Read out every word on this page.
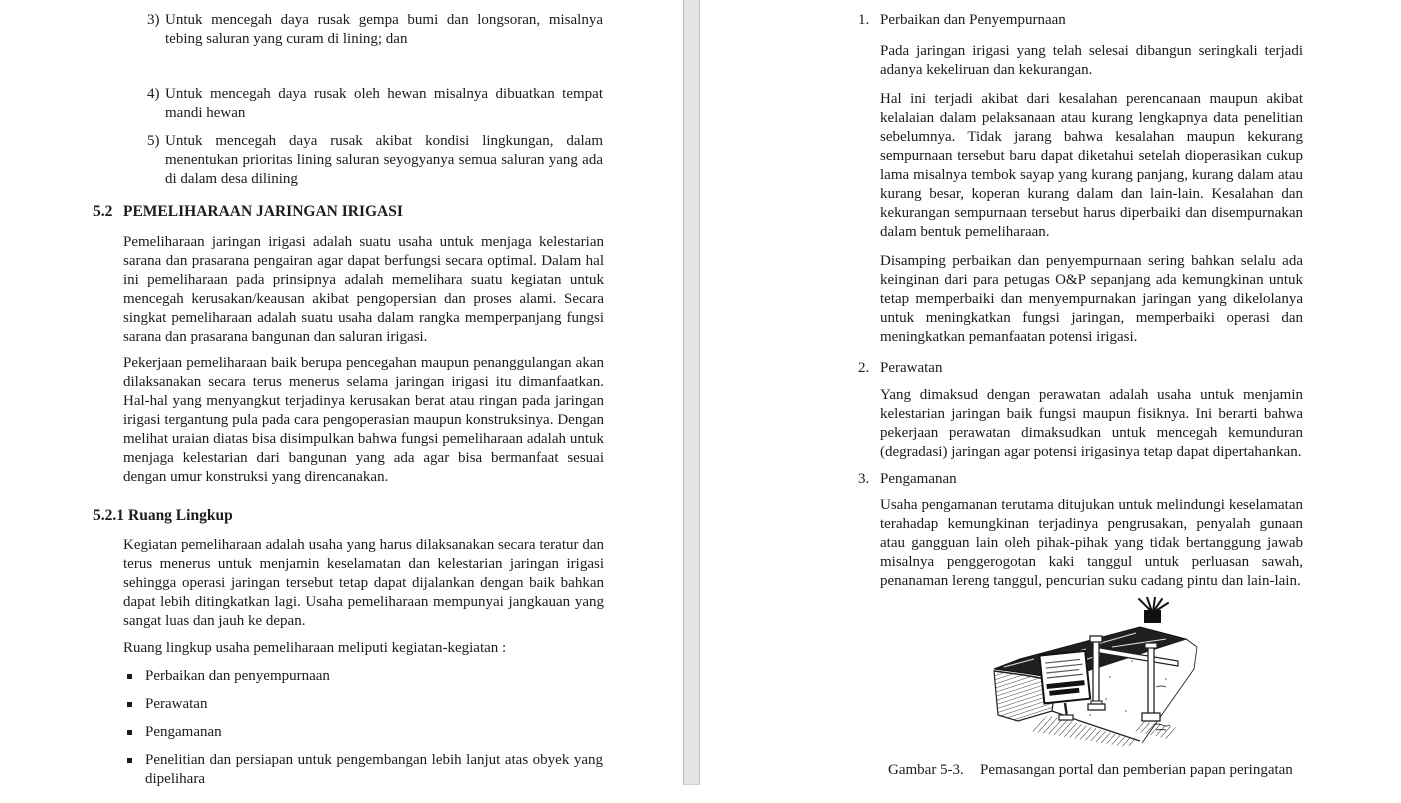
3) Untuk mencegah daya rusak gempa bumi dan longsoran, misalnya tebing saluran yang curam di lining; dan
4) Untuk mencegah daya rusak oleh hewan misalnya dibuatkan tempat mandi hewan
5) Untuk mencegah daya rusak akibat kondisi lingkungan, dalam menentukan prioritas lining saluran seyogyanya semua saluran yang ada di dalam desa dilining
5.2 PEMELIHARAAN JARINGAN IRIGASI

Pemeliharaan jaringan irigasi adalah suatu usaha untuk menjaga kelestarian sarana dan prasarana pengairan agar dapat berfungsi secara optimal. Dalam hal ini pemeliharaan pada prinsipnya adalah memelihara suatu kegiatan untuk mencegah kerusakan/keausan akibat pengopersian dan proses alami. Secara singkat pemeliharaan adalah suatu usaha dalam rangka memperpanjang fungsi sarana dan prasarana bangunan dan saluran irigasi.

Pekerjaan pemeliharaan baik berupa pencegahan maupun penanggulangan akan dilaksanakan secara terus menerus selama jaringan irigasi itu dimanfaatkan. Hal-hal yang menyangkut terjadinya kerusakan berat atau ringan pada jaringan irigasi tergantung pula pada cara pengoperasian maupun konstruksinya. Dengan melihat uraian diatas bisa disimpulkan bahwa fungsi pemeliharaan adalah untuk menjaga kelestarian dari bangunan yang ada agar bisa bermanfaat sesuai dengan umur konstruksi yang direncanakan.

5.2.1 Ruang Lingkup

Kegiatan pemeliharaan adalah usaha yang harus dilaksanakan secara teratur dan terus menerus untuk menjamin keselamatan dan kelestarian jaringan irigasi sehingga operasi jaringan tersebut tetap dapat dijalankan dengan baik bahkan dapat lebih ditingkatkan lagi. Usaha pemeliharaan mempunyai jangkauan yang sangat luas dan jauh ke depan.

Ruang lingkup usaha pemeliharaan meliputi kegiatan-kegiatan :

Perbaikan dan penyempurnaan
Perawatan
Pengamanan
Penelitian dan persiapan untuk pengembangan lebih lanjut atas obyek yang dipelihara
1. Perbaikan dan Penyempurnaan

Pada jaringan irigasi yang telah selesai dibangun seringkali terjadi adanya kekeliruan dan kekurangan.

Hal ini terjadi akibat dari kesalahan perencanaan maupun akibat kelalaian dalam pelaksanaan atau kurang lengkapnya data penelitian sebelumnya. Tidak jarang bahwa kesalahan maupun kekurang sempurnaan tersebut baru dapat diketahui setelah dioperasikan cukup lama misalnya tembok sayap yang kurang panjang, kurang dalam atau kurang besar, koperan kurang dalam dan lain-lain. Kesalahan dan kekurangan sempurnaan tersebut harus diperbaiki dan disempurnakan dalam bentuk pemeliharaan.

Disamping perbaikan dan penyempurnaan sering bahkan selalu ada keinginan dari para petugas O&P sepanjang ada kemungkinan untuk tetap memperbaiki dan menyempurnakan jaringan yang dikelolanya untuk meningkatkan fungsi jaringan, memperbaiki operasi dan meningkatkan pemanfaatan potensi irigasi.

2. Perawatan

Yang dimaksud dengan perawatan adalah usaha untuk menjamin kelestarian jaringan baik fungsi maupun fisiknya. Ini berarti bahwa pekerjaan perawatan dimaksudkan untuk mencegah kemunduran (degradasi) jaringan agar potensi irigasinya tetap dapat dipertahankan.

3. Pengamanan

Usaha pengamanan terutama ditujukan untuk melindungi keselamatan terahadap kemungkinan terjadinya pengrusakan, penyalah gunaan atau gangguan lain oleh pihak-pihak yang tidak bertanggung jawab misalnya penggerogotan kaki tanggul untuk perluasan sawah, penanaman lereng tanggul, pencurian suku cadang pintu dan lain-lain.

Gambar 5-3.	Pemasangan portal dan pemberian papan peringatan
